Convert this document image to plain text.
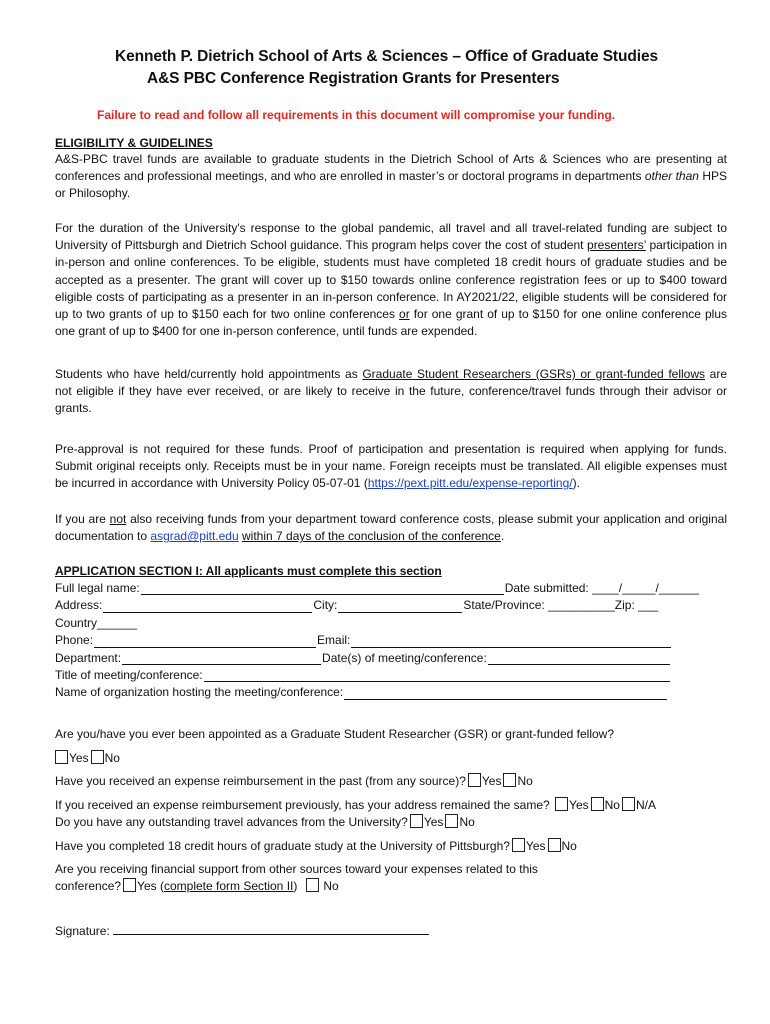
Kenneth P. Dietrich School of Arts & Sciences – Office of Graduate Studies
A&S PBC Conference Registration Grants for Presenters
Failure to read and follow all requirements in this document will compromise your funding.
ELIGIBILITY & GUIDELINES

A&S-PBC travel funds are available to graduate students in the Dietrich School of Arts & Sciences who are presenting at conferences and professional meetings, and who are enrolled in master’s or doctoral programs in departments other than HPS or Philosophy.

For the duration of the University's response to the global pandemic, all travel and all travel-related funding are subject to University of Pittsburgh and Dietrich School guidance. This program helps cover the cost of student presenters’ participation in in-person and online conferences. To be eligible, students must have completed 18 credit hours of graduate studies and be accepted as a presenter. The grant will cover up to $150 towards online conference registration fees or up to $400 toward eligible costs of participating as a presenter in an in-person conference. In AY2021/22, eligible students will be considered for up to two grants of up to $150 each for two online conferences or for one grant of up to $150 for one online conference plus one grant of up to $400 for one in-person conference, until funds are expended.

Students who have held/currently hold appointments as Graduate Student Researchers (GSRs) or grant-funded fellows are not eligible if they have ever received, or are likely to receive in the future, conference/travel funds through their advisor or grants.

Pre-approval is not required for these funds. Proof of participation and presentation is required when applying for funds. Submit original receipts only. Receipts must be in your name. Foreign receipts must be translated. All eligible expenses must be incurred in accordance with University Policy 05-07-01 (https://pext.pitt.edu/expense-reporting/).

If you are not also receiving funds from your department toward conference costs, please submit your application and original documentation to asgrad@pitt.edu within 7 days of the conclusion of the conference.

APPLICATION SECTION I: All applicants must complete this section
Full legal name:	Date submitted: ____/_____/______
Address:	City:	State/Province: __________Zip: ___
Country______
Phone:	Email:
Department:	Date(s) of meeting/conference:
Title of meeting/conference:
Name of organization hosting the meeting/conference:
Are you/have you ever been appointed as a Graduate Student Researcher (GSR) or grant-funded fellow?
Yes No
Have you received an expense reimbursement in the past (from any source)? Yes No
If you received an expense reimbursement previously, has your address remained the same? Yes No N/A
Do you have any outstanding travel advances from the University? Yes No
Have you completed 18 credit hours of graduate study at the University of Pittsburgh? Yes No
Are you receiving financial support from other sources toward your expenses related to this
conference? Yes (complete form Section II)   No
Signature:
